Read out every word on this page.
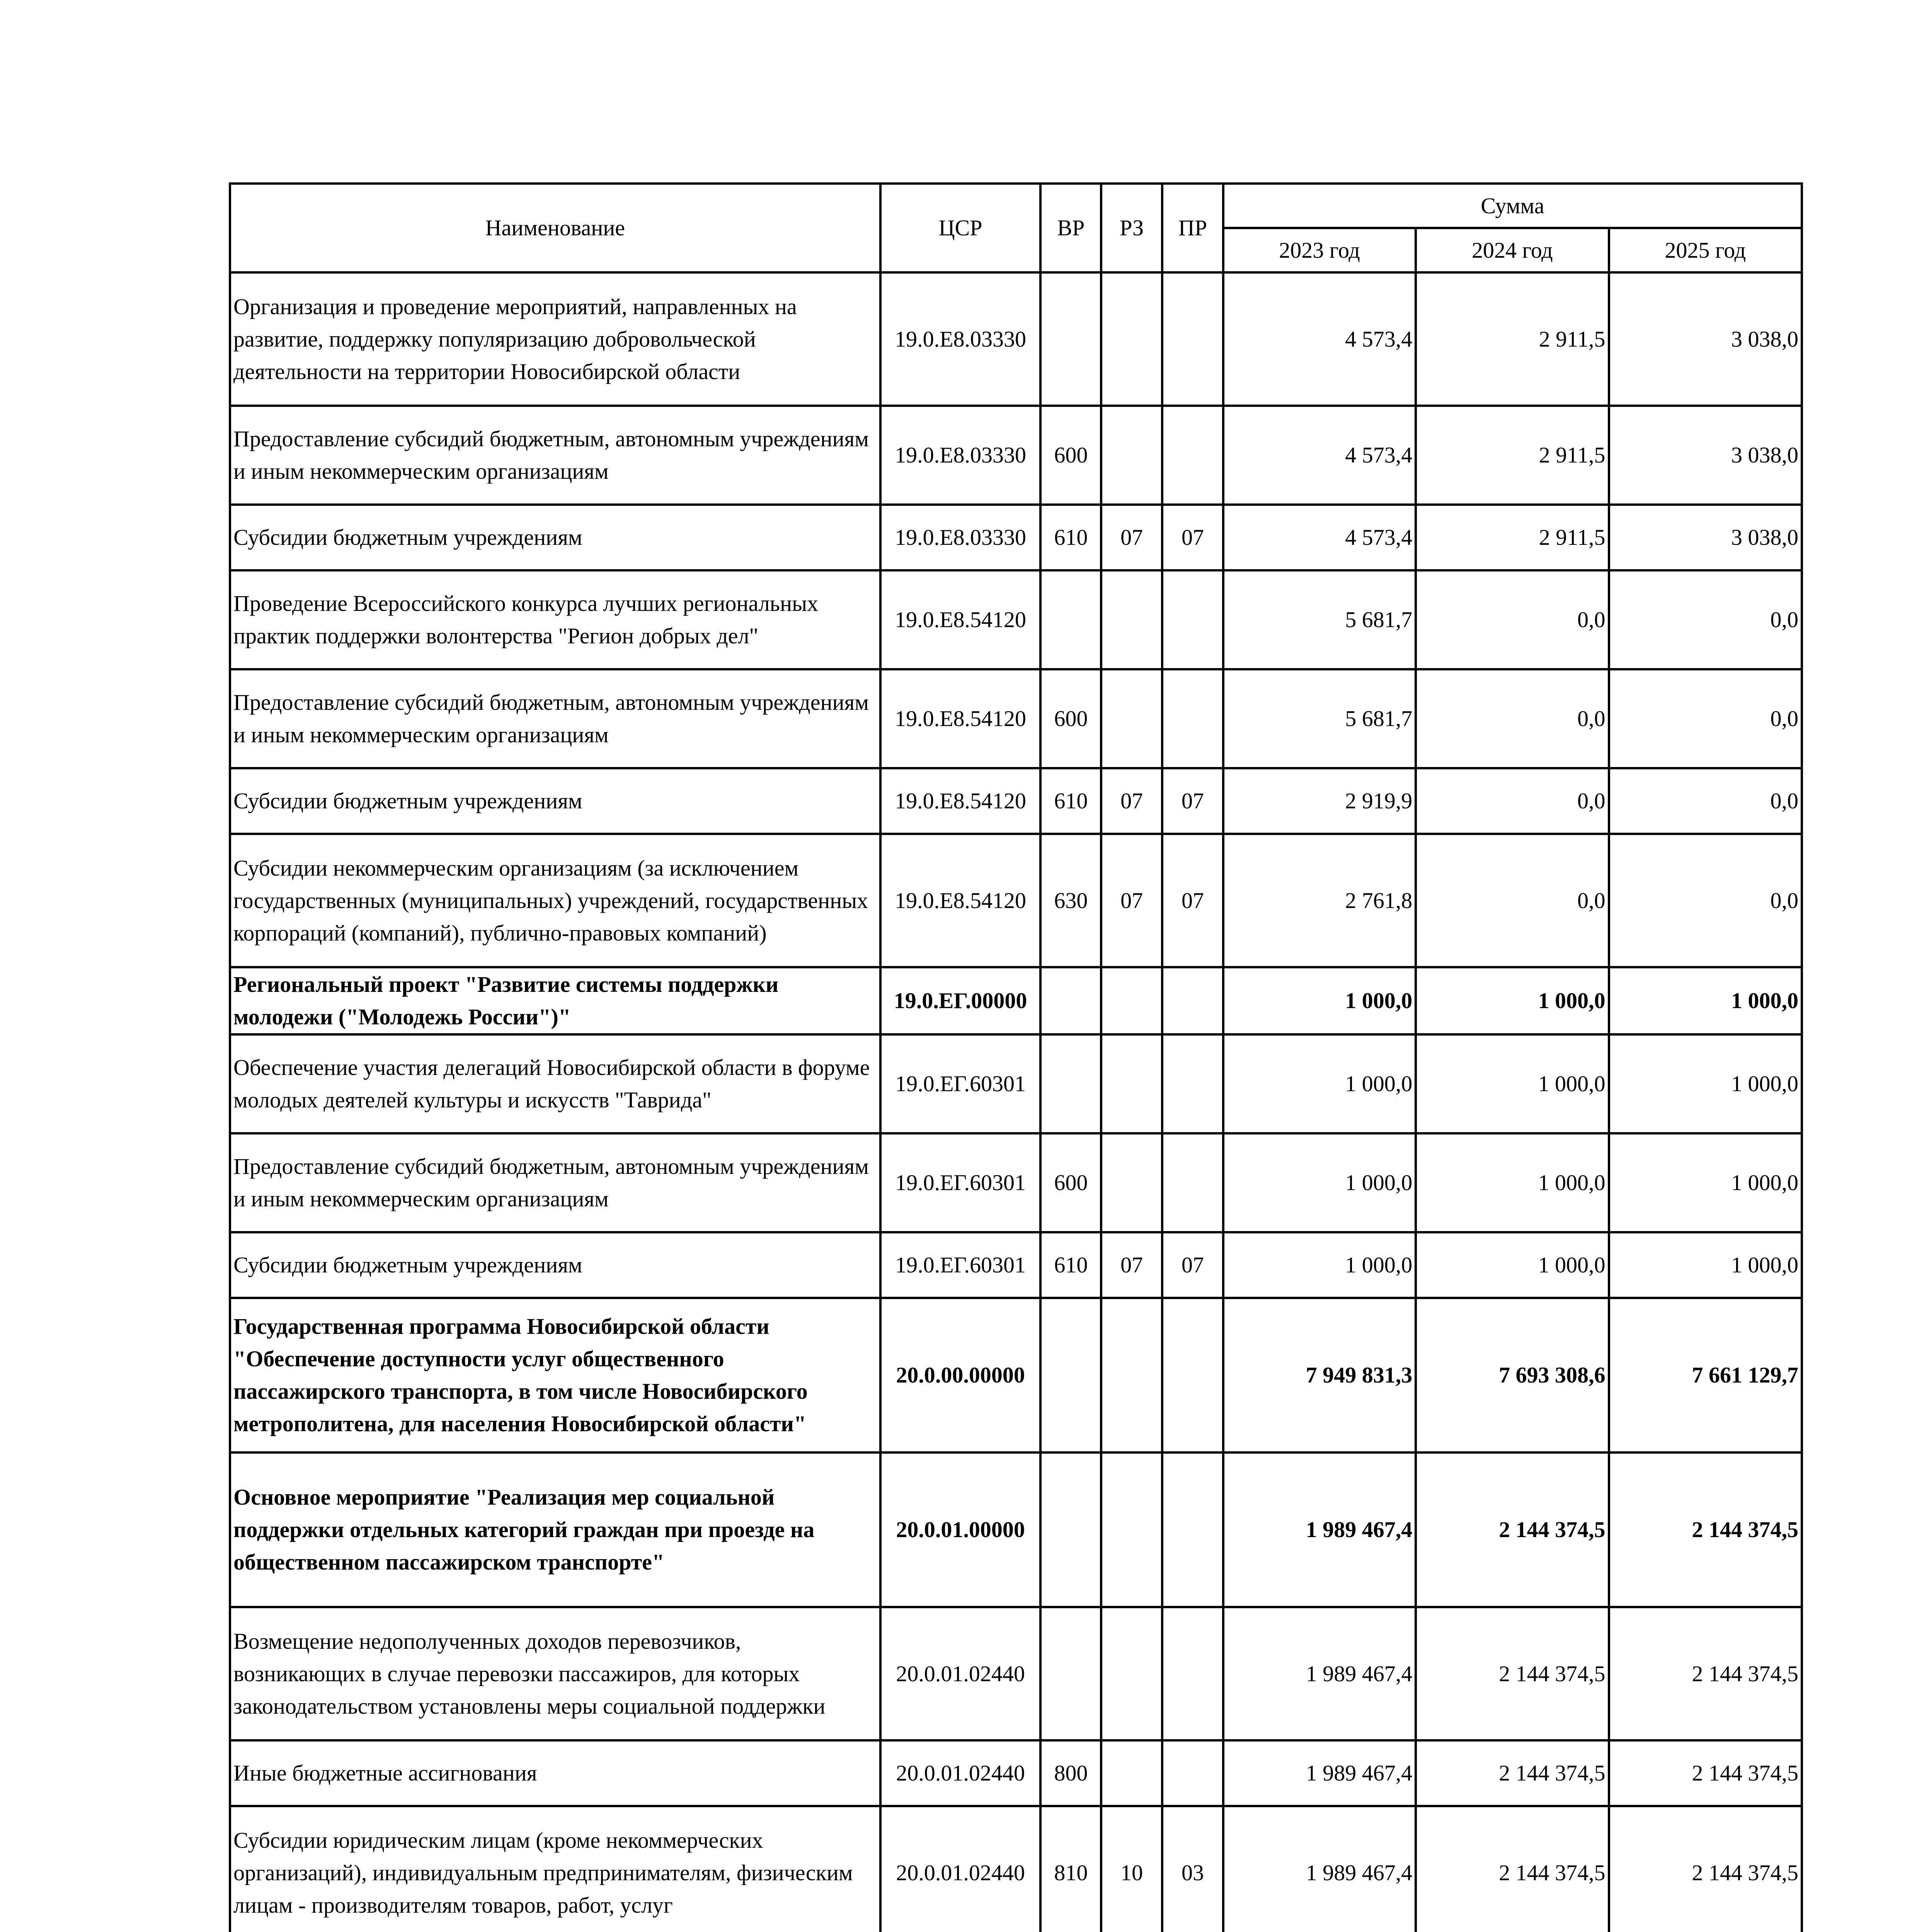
Наименование	ЦСР	ВР	РЗ	ПР	Сумма		
					2023 год	2024 год	2025 год
Организация и проведение мероприятий, направленных на развитие, поддержку популяризацию добровольческой деятельности на территории Новосибирской области	19.0.Е8.03330				4 573,4	2 911,5	3 038,0
Предоставление субсидий бюджетным, автономным учреждениям и иным некоммерческим организациям	19.0.Е8.03330	600			4 573,4	2 911,5	3 038,0
Субсидии бюджетным учреждениям	19.0.Е8.03330	610	07	07	4 573,4	2 911,5	3 038,0
Проведение Всероссийского конкурса лучших региональных практик поддержки волонтерства "Регион добрых дел"	19.0.Е8.54120				5 681,7	0,0	0,0
Предоставление субсидий бюджетным, автономным учреждениям и иным некоммерческим организациям	19.0.Е8.54120	600			5 681,7	0,0	0,0
Субсидии бюджетным учреждениям	19.0.Е8.54120	610	07	07	2 919,9	0,0	0,0
Субсидии некоммерческим организациям (за исключением государственных (муниципальных) учреждений, государственных корпораций (компаний), публично-правовых компаний)	19.0.Е8.54120	630	07	07	2 761,8	0,0	0,0
Региональный проект "Развитие системы поддержки молодежи ("Молодежь России")"	19.0.ЕГ.00000				1 000,0	1 000,0	1 000,0
Обеспечение участия делегаций Новосибирской области в форуме молодых деятелей культуры и искусств "Таврида"	19.0.ЕГ.60301				1 000,0	1 000,0	1 000,0
Предоставление субсидий бюджетным, автономным учреждениям и иным некоммерческим организациям	19.0.ЕГ.60301	600			1 000,0	1 000,0	1 000,0
Субсидии бюджетным учреждениям	19.0.ЕГ.60301	610	07	07	1 000,0	1 000,0	1 000,0
Государственная программа Новосибирской области "Обеспечение доступности услуг общественного пассажирского транспорта, в том числе Новосибирского метрополитена, для населения Новосибирской области"	20.0.00.00000				7 949 831,3	7 693 308,6	7 661 129,7
Основное мероприятие "Реализация мер социальной поддержки отдельных категорий граждан при проезде на общественном пассажирском транспорте"	20.0.01.00000				1 989 467,4	2 144 374,5	2 144 374,5
Возмещение недополученных доходов перевозчиков, возникающих в случае перевозки пассажиров, для которых законодательством установлены меры социальной поддержки	20.0.01.02440				1 989 467,4	2 144 374,5	2 144 374,5
Иные бюджетные ассигнования	20.0.01.02440	800			1 989 467,4	2 144 374,5	2 144 374,5
Субсидии юридическим лицам (кроме некоммерческих организаций), индивидуальным предпринимателям, физическим лицам - производителям товаров, работ, услуг	20.0.01.02440	810	10	03	1 989 467,4	2 144 374,5	2 144 374,5
